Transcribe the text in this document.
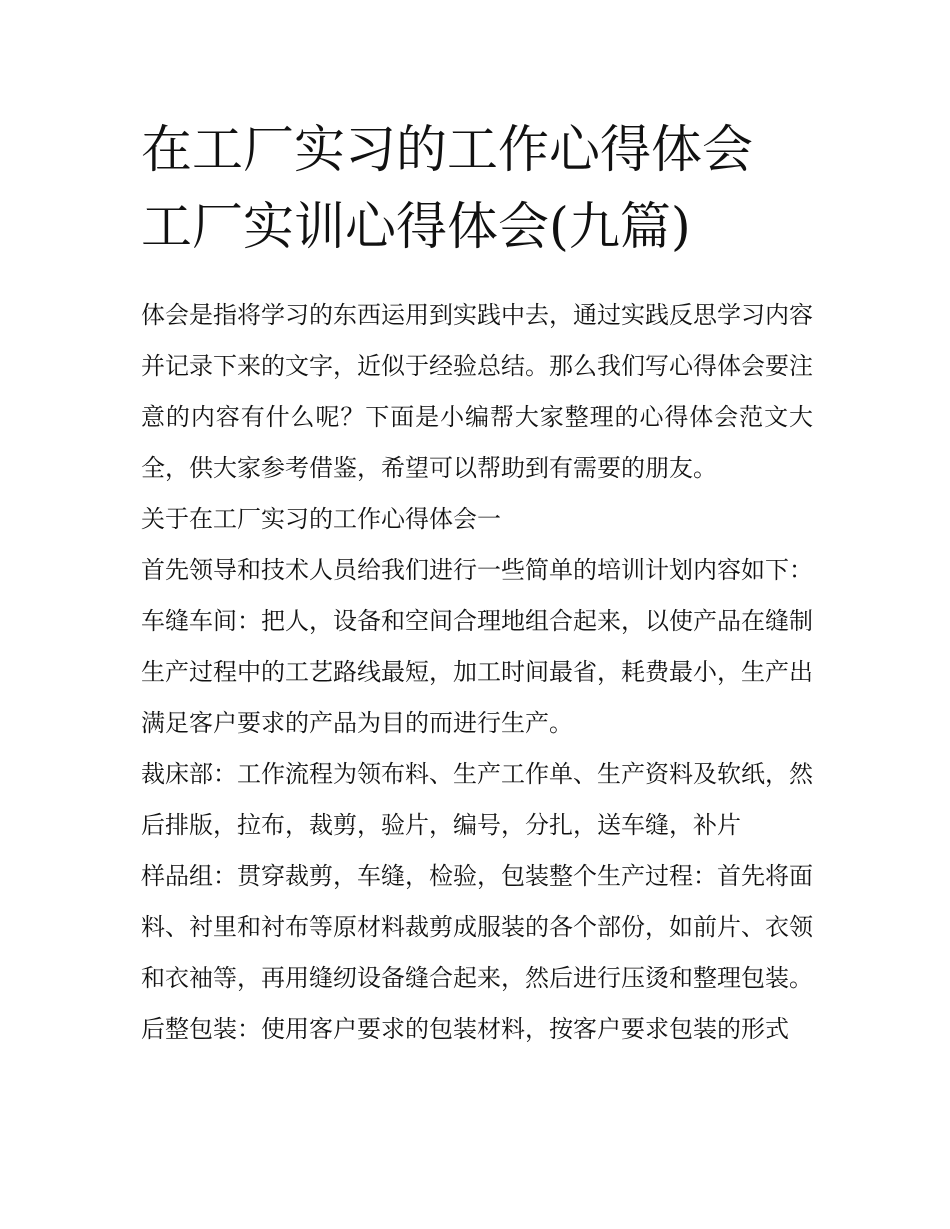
在工厂实习的工作心得体会 工厂实训心得体会(九篇)

体会是指将学习的东西运用到实践中去，通过实践反思学习内容并记录下来的文字，近似于经验总结。那么我们写心得体会要注意的内容有什么呢？下面是小编帮大家整理的心得体会范文大全，供大家参考借鉴，希望可以帮助到有需要的朋友。

关于在工厂实习的工作心得体会一

首先领导和技术人员给我们进行一些简单的培训计划内容如下：车缝车间：把人，设备和空间合理地组合起来，以使产品在缝制生产过程中的工艺路线最短，加工时间最省，耗费最小，生产出满足客户要求的产品为目的而进行生产。

裁床部：工作流程为领布料、生产工作单、生产资料及软纸，然后排版，拉布，裁剪，验片，编号，分扎，送车缝，补片

样品组：贯穿裁剪，车缝，检验，包装整个生产过程：首先将面料、衬里和衬布等原材料裁剪成服装的各个部份，如前片、衣领和衣袖等，再用缝纫设备缝合起来，然后进行压烫和整理包装。

后整包装：使用客户要求的包装材料，按客户要求包装的形式
